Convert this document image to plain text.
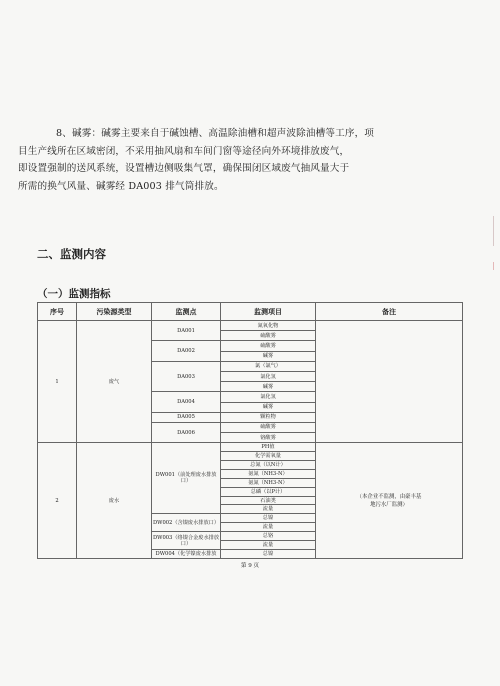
8、碱雾：碱雾主要来自于碱蚀槽、高温除油槽和超声波除油槽等工序，项
目生产线所在区域密闭，不采用抽风扇和车间门窗等途径向外环境排放废气，
即设置强制的送风系统，设置槽边侧吸集气罩，确保围闭区域废气抽风量大于
所需的换气风量、碱雾经 DA003 排气筒排放。
二、监测内容
（一）监测指标
序号	污染源类型	监测点	监测项目	备注
1	废气	DA001	氮氧化物	
			硫酸雾	
		DA002	硫酸雾	
			碱雾	
		DA003	氯（氯气）	
			氯化氢	
			碱雾	
		DA004	氯化氢	
			碱雾	
		DA005	颗粒物	
		DA006	硫酸雾	
			铬酸雾	
2	废水	DW001（前处理废水排放口）	PH值	（本企业不监测，由豪丰基地污水厂监测）
			化学需氧量	
			总氮（以N计）	
			氨氮（NH3-N）	
			氨氮（NH3-N）	
			总磷（以P计）	
			石油类	
			流量	
		DW002（含镍废水排放口）	总镍	
			流量	
		DW003（络镍合金废水排放口）	总铬	
			流量	
		DW004（化学镍废水排放	总镍	
第 9 页
